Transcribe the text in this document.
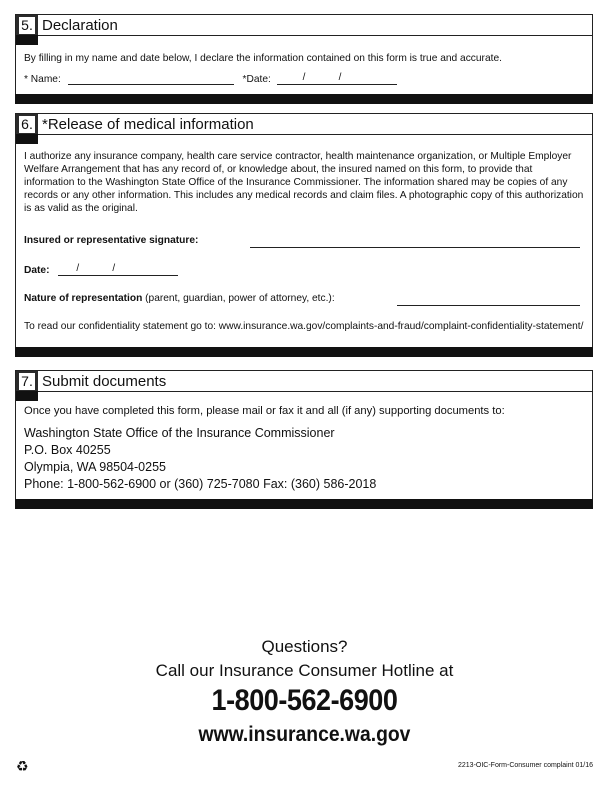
5. Declaration
By filling in my name and date below, I declare the information contained on this form is true and accurate.
* Name:	*Date:	/	/
6. *Release of medical information
I authorize any insurance company, health care service contractor, health maintenance organization, or Multiple Employer Welfare Arrangement that has any record of, or knowledge about, the insured named on this form, to provide that information to the Washington State Office of the Insurance Commissioner. The information shared may be copies of any records or any other information. This includes any medical records and claim files. A photographic copy of this authorization is as valid as the original.
Insured or representative signature:
Date:	/	/
Nature of representation (parent, guardian, power of attorney, etc.):
To read our confidentiality statement go to: www.insurance.wa.gov/complaints-and-fraud/complaint-confidentiality-statement/
7. Submit documents
Once you have completed this form, please mail or fax it and all (if any) supporting documents to:
Washington State Office of the Insurance Commissioner
P.O. Box 40255
Olympia, WA 98504-0255
Phone: 1-800-562-6900 or (360) 725-7080 Fax: (360) 586-2018
Questions?
Call our Insurance Consumer Hotline at
1-800-562-6900
www.insurance.wa.gov
♻	2213-OIC-Form-Consumer complaint 01/16
